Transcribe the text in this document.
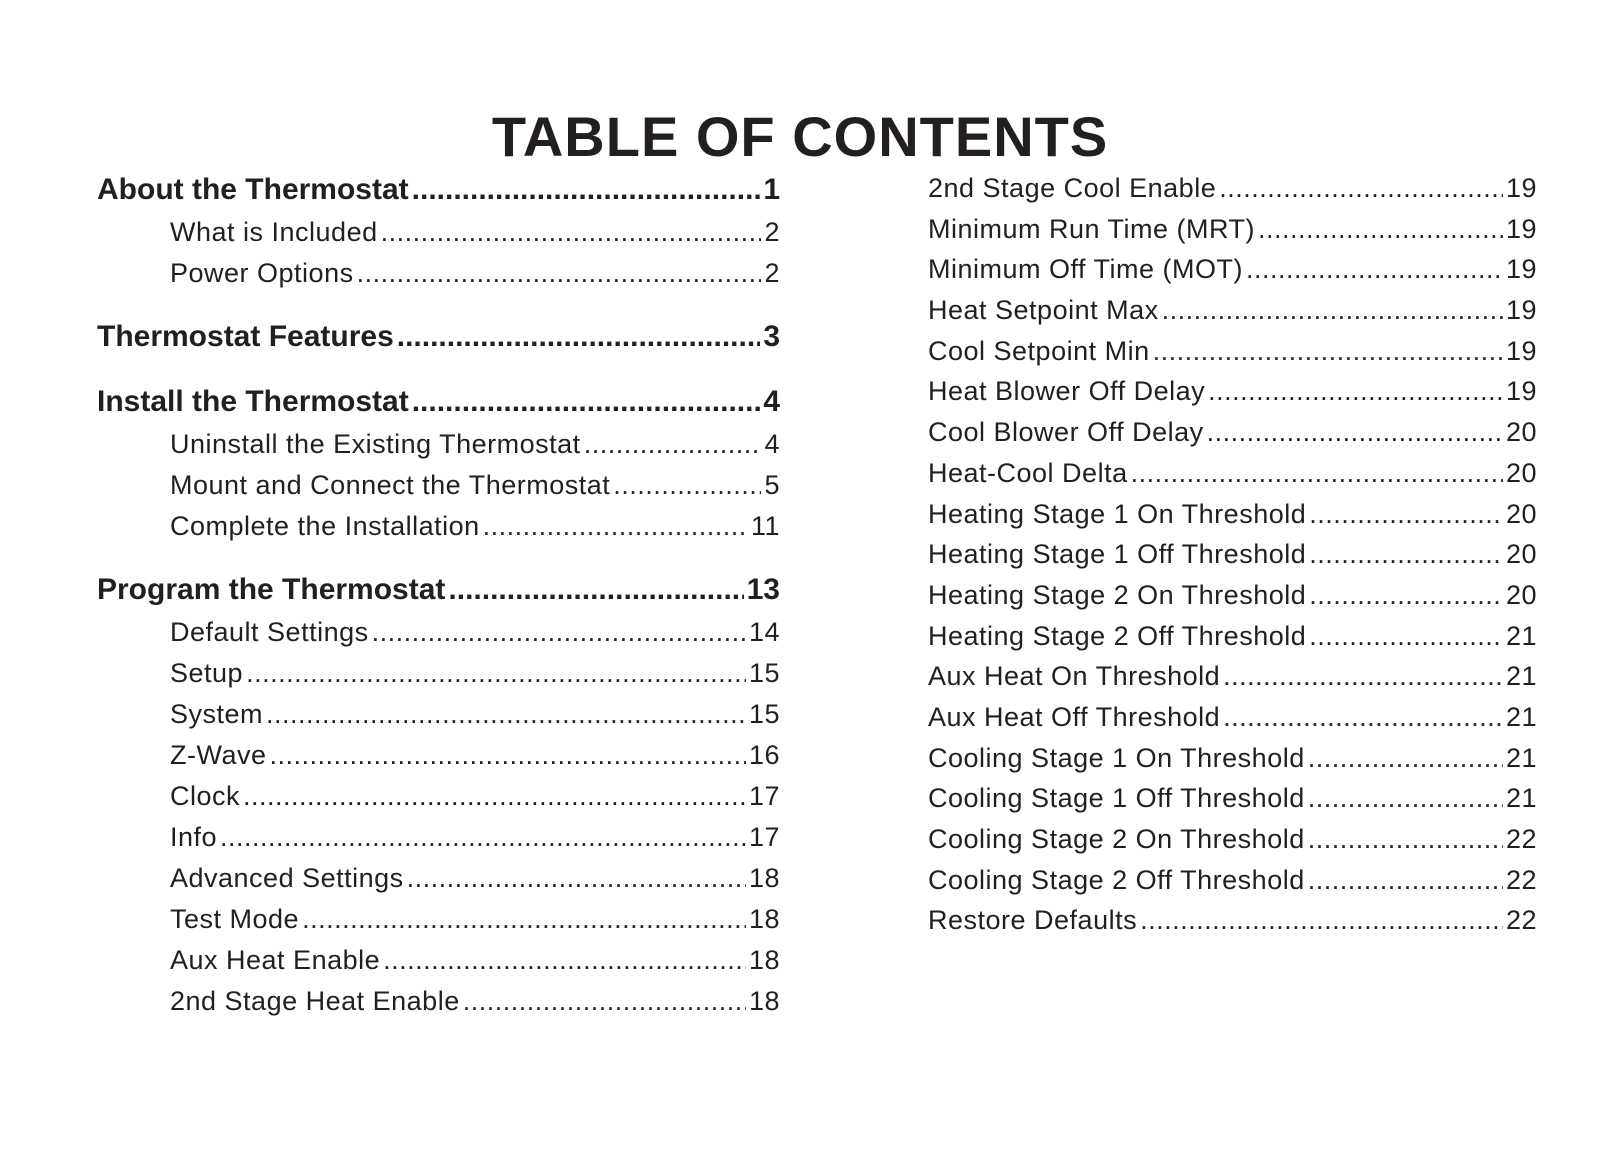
TABLE OF CONTENTS
About the Thermostat .....	1
What is Included .....	2
Power Options .....	2
Thermostat Features .....	3
Install the Thermostat .....	4
Uninstall the Existing Thermostat .....	4
Mount and Connect the Thermostat .....	5
Complete the Installation .....	11
Program the Thermostat .....	13
Default Settings .....	14
Setup .....	15
System .....	15
Z-Wave .....	16
Clock .....	17
Info .....	17
Advanced Settings .....	18
Test Mode .....	18
Aux Heat Enable .....	18
2nd Stage Heat Enable .....	18
2nd Stage Cool Enable .....	19
Minimum Run Time (MRT) .....	19
Minimum Off Time (MOT) .....	19
Heat Setpoint Max .....	19
Cool Setpoint Min .....	19
Heat Blower Off Delay .....	19
Cool Blower Off Delay .....	20
Heat-Cool Delta .....	20
Heating Stage 1 On Threshold .....	20
Heating Stage 1 Off Threshold .....	20
Heating Stage 2 On Threshold .....	20
Heating Stage 2 Off Threshold .....	21
Aux Heat On Threshold .....	21
Aux Heat Off Threshold .....	21
Cooling Stage 1 On Threshold .....	21
Cooling Stage 1 Off Threshold .....	21
Cooling Stage 2 On Threshold .....	22
Cooling Stage 2 Off Threshold .....	22
Restore Defaults .....	22
